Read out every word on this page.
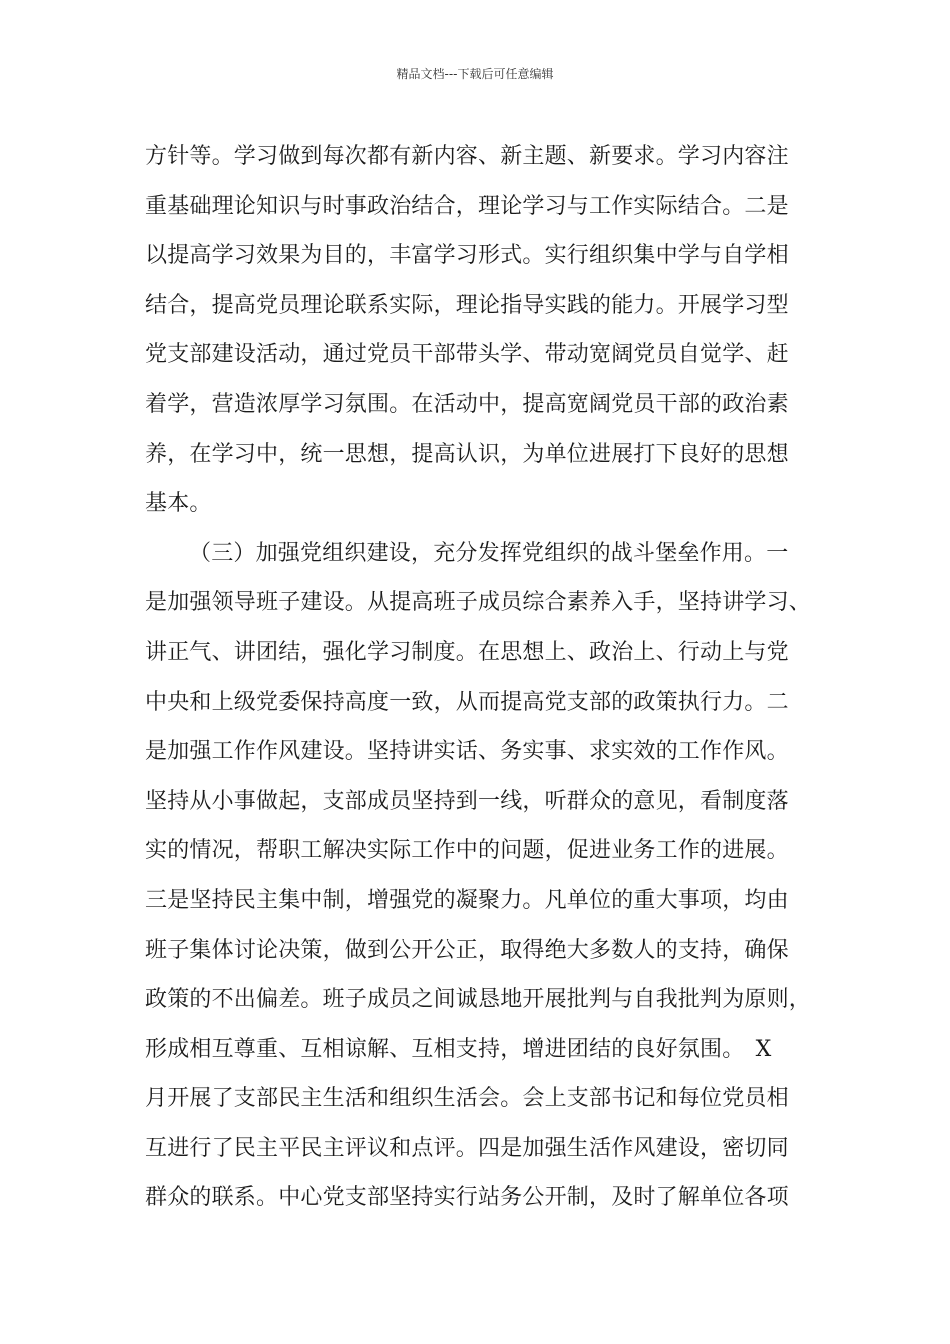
精品文档---下载后可任意编辑
方针等。学习做到每次都有新内容、新主题、新要求。学习内容注
重基础理论知识与时事政治结合，理论学习与工作实际结合。二是
以提高学习效果为目的，丰富学习形式。实行组织集中学与自学相
结合，提高党员理论联系实际，理论指导实践的能力。开展学习型
党支部建设活动，通过党员干部带头学、带动宽阔党员自觉学、赶
着学，营造浓厚学习氛围。在活动中，提高宽阔党员干部的政治素
养，在学习中，统一思想，提高认识，为单位进展打下良好的思想
基本。
（三）加强党组织建设，充分发挥党组织的战斗堡垒作用。一
是加强领导班子建设。从提高班子成员综合素养入手，坚持讲学习、
讲正气、讲团结，强化学习制度。在思想上、政治上、行动上与党
中央和上级党委保持高度一致，从而提高党支部的政策执行力。二
是加强工作作风建设。坚持讲实话、务实事、求实效的工作作风。
坚持从小事做起，支部成员坚持到一线，听群众的意见，看制度落
实的情况，帮职工解决实际工作中的问题，促进业务工作的进展。
三是坚持民主集中制，增强党的凝聚力。凡单位的重大事项，均由
班子集体讨论决策，做到公开公正，取得绝大多数人的支持，确保
政策的不出偏差。班子成员之间诚恳地开展批判与自我批判为原则，
形成相互尊重、互相谅解、互相支持，增进团结的良好氛围。　X
月开展了支部民主生活和组织生活会。会上支部书记和每位党员相
互进行了民主平民主评议和点评。四是加强生活作风建设，密切同
群众的联系。中心党支部坚持实行站务公开制，及时了解单位各项
